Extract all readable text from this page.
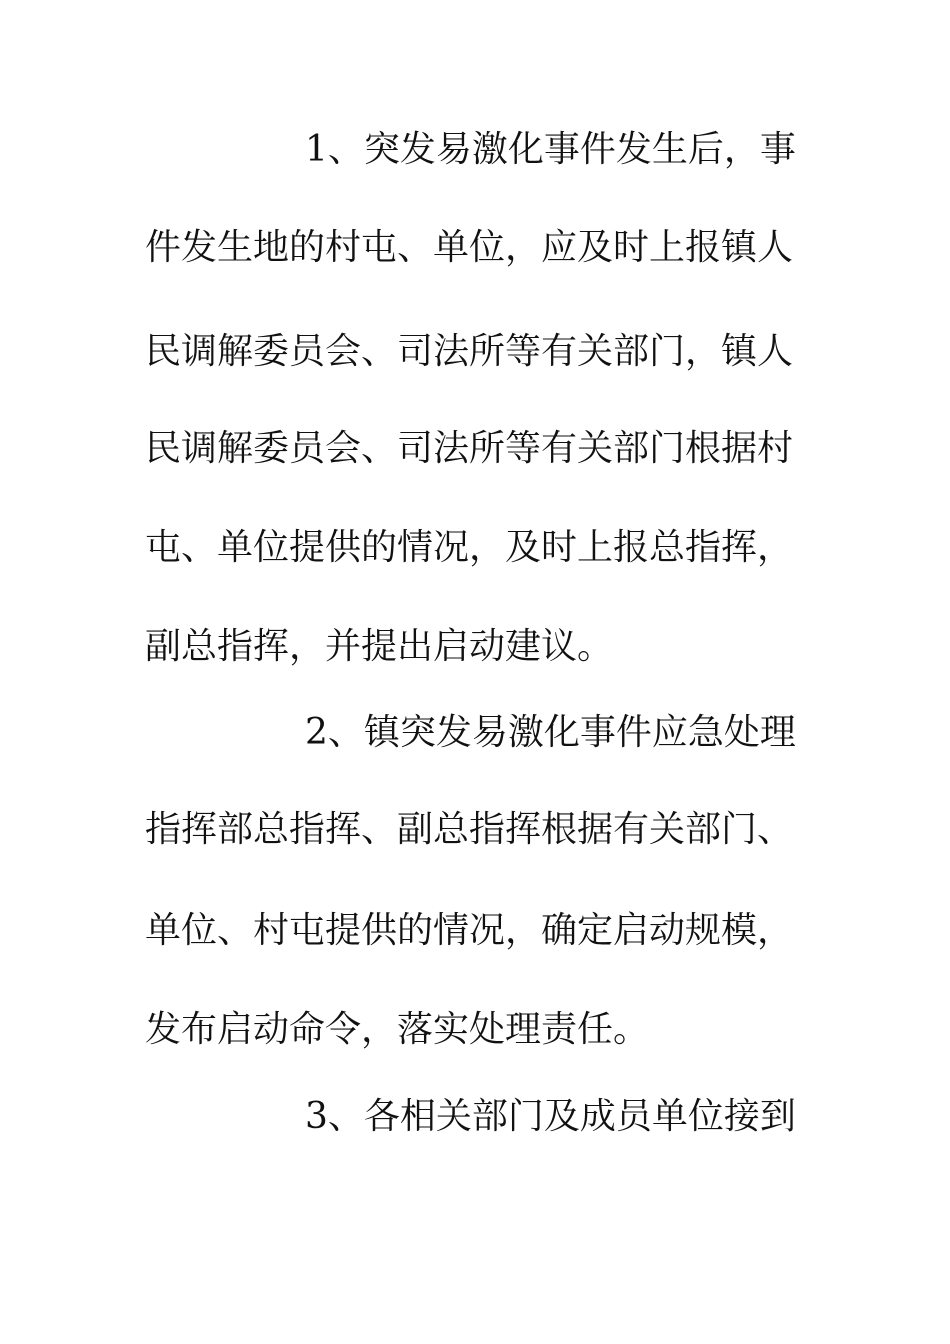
1、突发易激化事件发生后，事
件发生地的村屯、单位，应及时上报镇人
民调解委员会、司法所等有关部门，镇人
民调解委员会、司法所等有关部门根据村
屯、单位提供的情况，及时上报总指挥，
副总指挥，并提出启动建议。
2、镇突发易激化事件应急处理
指挥部总指挥、副总指挥根据有关部门、
单位、村屯提供的情况，确定启动规模，
发布启动命令，落实处理责任。
3、各相关部门及成员单位接到
